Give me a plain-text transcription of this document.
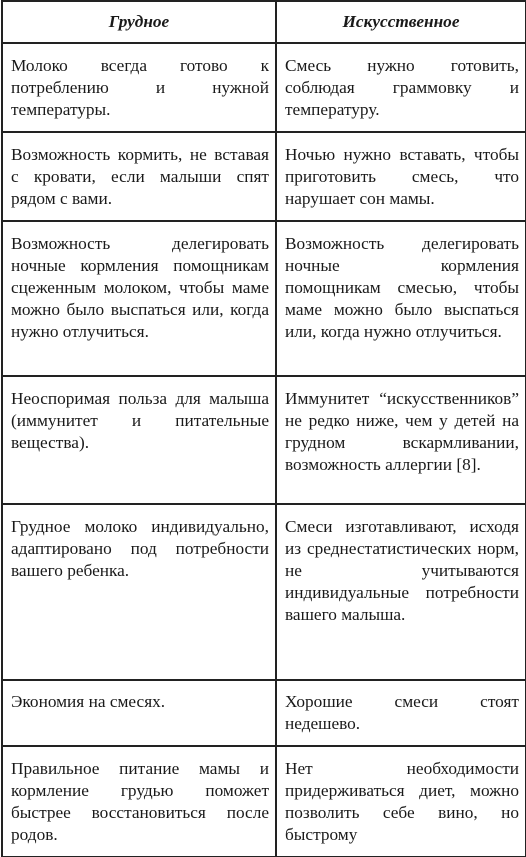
Грудное	Искусственное
Молоко всегда готово к потреблению и нужной температуры.	Смесь нужно готовить, соблюдая граммовку и температуру.
Возможность кормить, не вставая с кровати, если малыши спят рядом с вами.	Ночью нужно вставать, чтобы приготовить смесь, что нарушает сон мамы.
Возможность делегировать ночные кормления помощникам сцеженным молоком, чтобы маме можно было выспаться или, когда нужно отлучиться.	Возможность делегировать ночные кормления помощникам смесью, чтобы маме можно было выспаться или, когда нужно отлучиться.
Неоспоримая польза для малыша (иммунитет и питательные вещества).	Иммунитет “искусственников” не редко ниже, чем у детей на грудном вскармливании, возможность аллергии [8].
Грудное молоко индивидуально, адаптировано под потребности вашего ребенка.	Смеси изготавливают, исходя из среднестатистических норм, не учитываются индивидуальные потребности вашего малыша.
Экономия на смесях.	Хорошие смеси стоят недешево.
Правильное питание мамы и кормление грудью поможет быстрее восстановиться после родов.	Нет необходимости придерживаться диет, можно позволить себе вино, но быстрому
